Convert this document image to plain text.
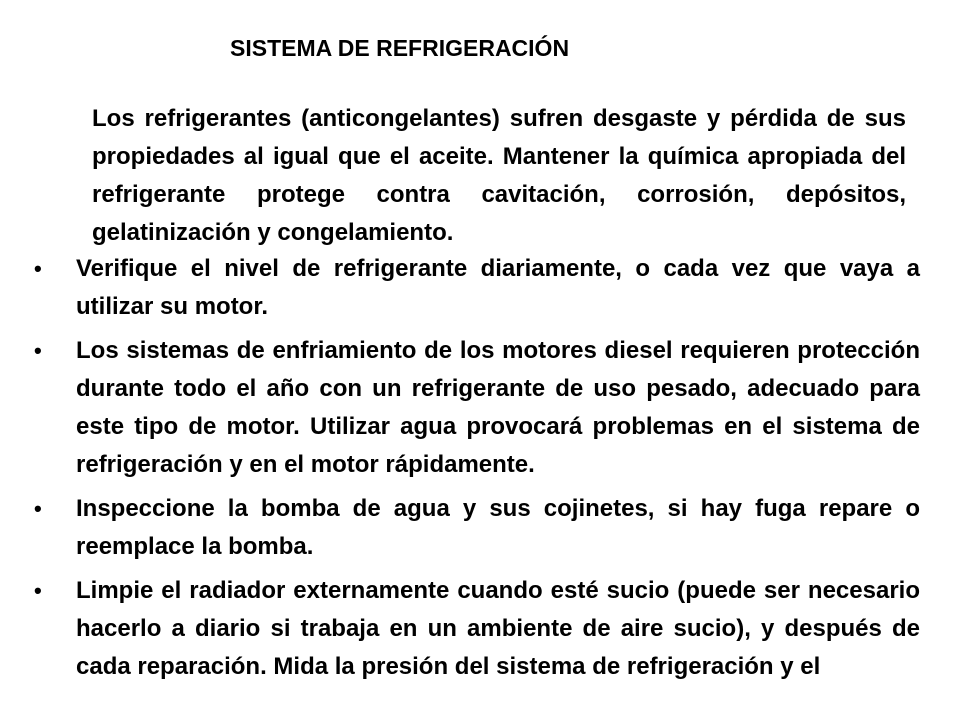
SISTEMA DE REFRIGERACIÓN
Los refrigerantes (anticongelantes) sufren desgaste y pérdida de sus propiedades al igual que el aceite. Mantener la química apropiada del refrigerante protege contra cavitación, corrosión, depósitos, gelatinización y congelamiento.
• Verifique el nivel de refrigerante diariamente, o cada vez que vaya a utilizar su motor.
• Los sistemas de enfriamiento de los motores diesel requieren protección durante todo el año con un refrigerante de uso pesado, adecuado para este tipo de motor. Utilizar agua provocará problemas en el sistema de refrigeración y en el motor rápidamente.
• Inspeccione la bomba de agua y sus cojinetes, si hay fuga repare o reemplace la bomba.
• Limpie el radiador externamente cuando esté sucio (puede ser necesario hacerlo a diario si trabaja en un ambiente de aire sucio), y después de cada reparación. Mida la presión del sistema de refrigeración y el
